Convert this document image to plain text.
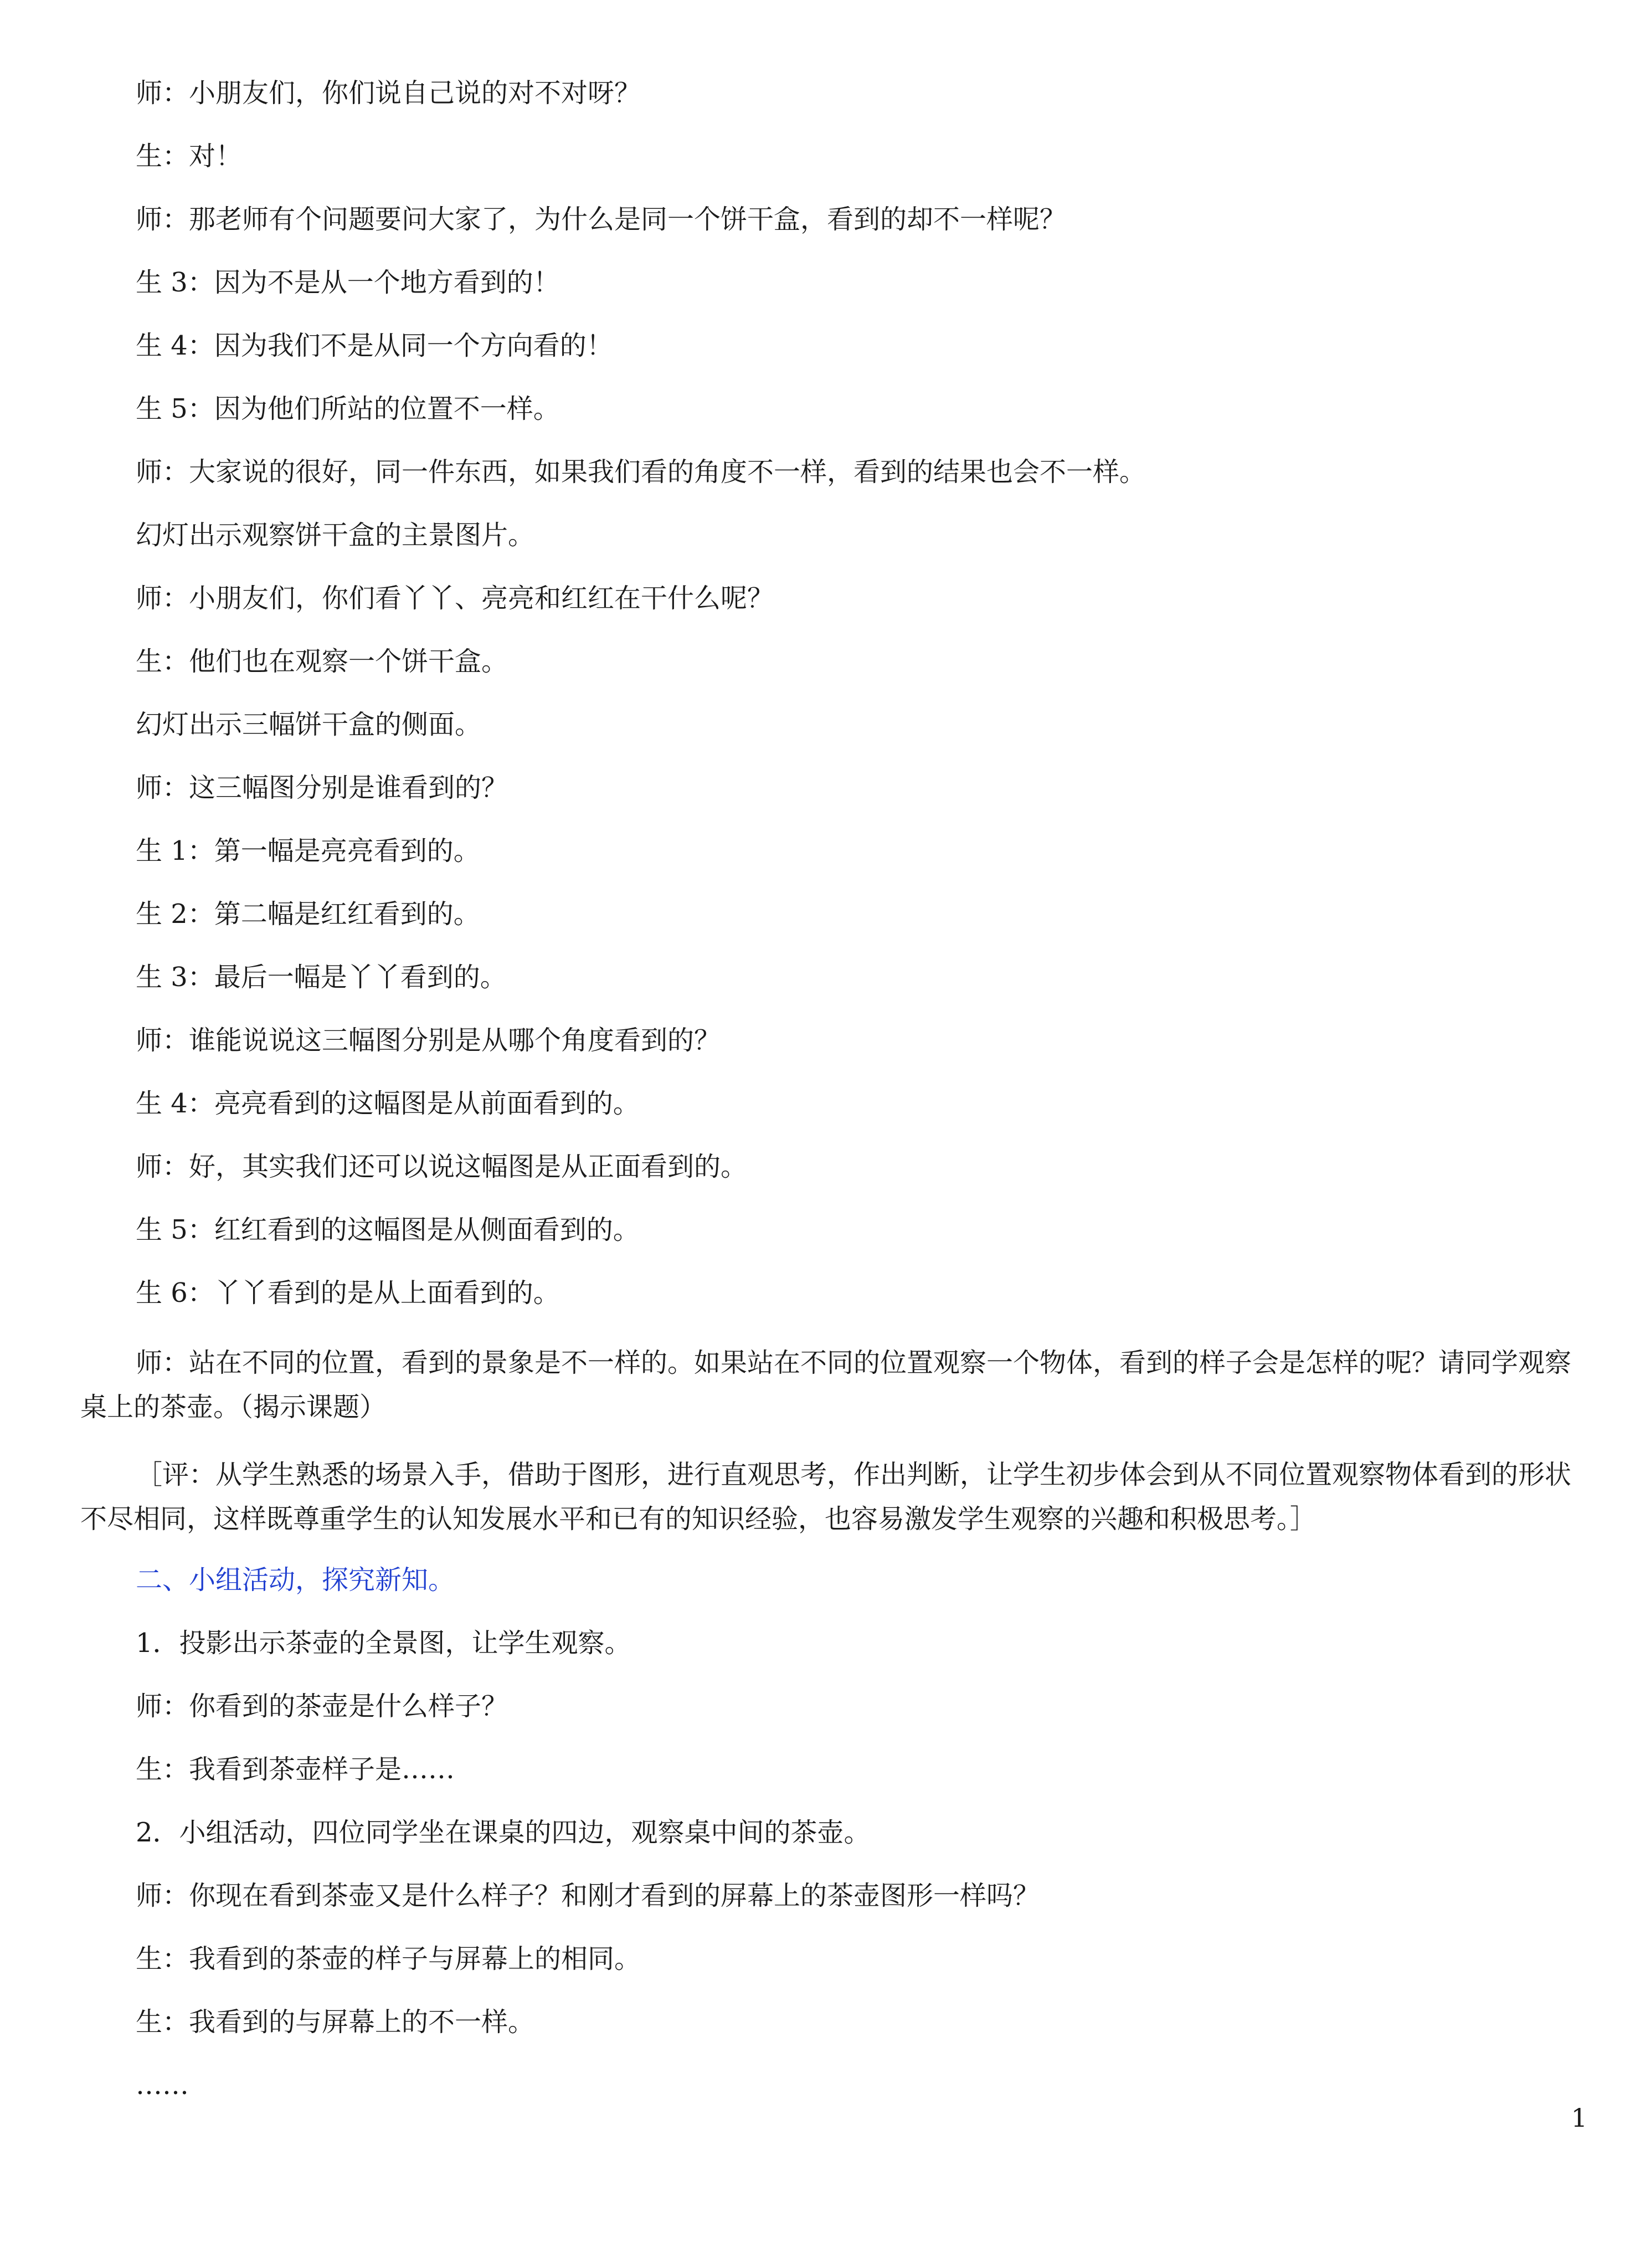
师：小朋友们，你们说自己说的对不对呀？

生：对！

师：那老师有个问题要问大家了，为什么是同一个饼干盒，看到的却不一样呢？

生 3：因为不是从一个地方看到的！

生 4：因为我们不是从同一个方向看的！

生 5：因为他们所站的位置不一样。

师：大家说的很好，同一件东西，如果我们看的角度不一样，看到的结果也会不一样。

幻灯出示观察饼干盒的主景图片。

师：小朋友们，你们看丫丫、亮亮和红红在干什么呢？

生：他们也在观察一个饼干盒。

幻灯出示三幅饼干盒的侧面。

师：这三幅图分别是谁看到的？

生 1：第一幅是亮亮看到的。

生 2：第二幅是红红看到的。

生 3：最后一幅是丫丫看到的。

师：谁能说说这三幅图分别是从哪个角度看到的？

生 4：亮亮看到的这幅图是从前面看到的。

师：好，其实我们还可以说这幅图是从正面看到的。

生 5：红红看到的这幅图是从侧面看到的。

生 6：丫丫看到的是从上面看到的。

师：站在不同的位置，看到的景象是不一样的。如果站在不同的位置观察一个物体，看到的样子会是怎样的呢？请同学观察桌上的茶壶。（揭示课题）

［评：从学生熟悉的场景入手，借助于图形，进行直观思考，作出判断，让学生初步体会到从不同位置观察物体看到的形状不尽相同，这样既尊重学生的认知发展水平和已有的知识经验，也容易激发学生观察的兴趣和积极思考。］

二、小组活动，探究新知。

1．投影出示茶壶的全景图，让学生观察。

师：你看到的茶壶是什么样子？

生：我看到茶壶样子是……

2．小组活动，四位同学坐在课桌的四边，观察桌中间的茶壶。

师：你现在看到茶壶又是什么样子？和刚才看到的屏幕上的茶壶图形一样吗？

生：我看到的茶壶的样子与屏幕上的相同。

生：我看到的与屏幕上的不一样。

……

1
